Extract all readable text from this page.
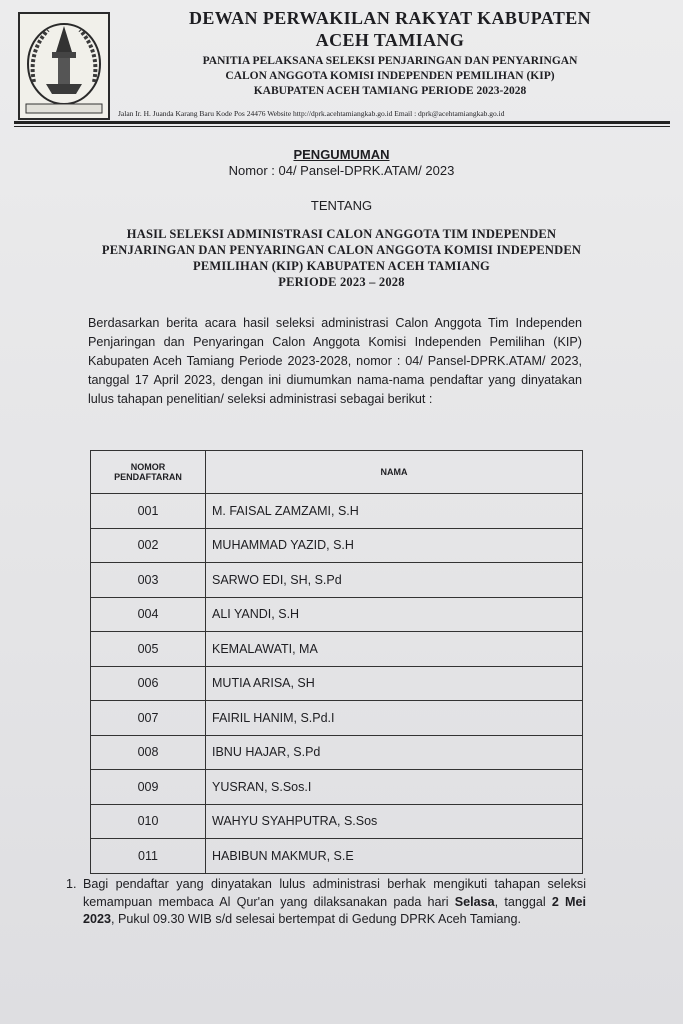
DEWAN PERWAKILAN RAKYAT KABUPATEN
ACEH TAMIANG
PANITIA PELAKSANA SELEKSI PENJARINGAN DAN PENYARINGAN
CALON ANGGOTA KOMISI INDEPENDEN PEMILIHAN (KIP)
KABUPATEN ACEH TAMIANG PERIODE 2023-2028
Jalan Ir. H. Juanda Karang Baru Kode Pos 24476 Website http://dprk.acehtamiangkab.go.id Email : dprk@acehtamiangkab.go.id
PENGUMUMAN
Nomor : 04/ Pansel-DPRK.ATAM/ 2023
TENTANG
HASIL SELEKSI ADMINISTRASI CALON ANGGOTA TIM INDEPENDEN
PENJARINGAN DAN PENYARINGAN CALON ANGGOTA KOMISI INDEPENDEN
PEMILIHAN (KIP) KABUPATEN ACEH TAMIANG
PERIODE 2023 – 2028
Berdasarkan berita acara hasil seleksi administrasi Calon Anggota Tim Independen Penjaringan dan Penyaringan Calon Anggota Komisi Independen Pemilihan (KIP) Kabupaten Aceh Tamiang Periode 2023-2028, nomor : 04/ Pansel-DPRK.ATAM/ 2023, tanggal 17 April 2023, dengan ini diumumkan nama-nama pendaftar yang dinyatakan lulus tahapan penelitian/ seleksi administrasi sebagai berikut :
NOMOR
PENDAFTARAN	NAMA
001	M. FAISAL ZAMZAMI, S.H
002	MUHAMMAD YAZID, S.H
003	SARWO EDI, SH, S.Pd
004	ALI YANDI, S.H
005	KEMALAWATI, MA
006	MUTIA ARISA, SH
007	FAIRIL HANIM, S.Pd.I
008	IBNU HAJAR, S.Pd
009	YUSRAN, S.Sos.I
010	WAHYU SYAHPUTRA, S.Sos
011	HABIBUN MAKMUR, S.E
1. Bagi pendaftar yang dinyatakan lulus administrasi berhak mengikuti tahapan seleksi kemampuan membaca Al Qur'an yang dilaksanakan pada hari Selasa, tanggal 2 Mei 2023, Pukul 09.30 WIB s/d selesai bertempat di Gedung DPRK Aceh Tamiang.
